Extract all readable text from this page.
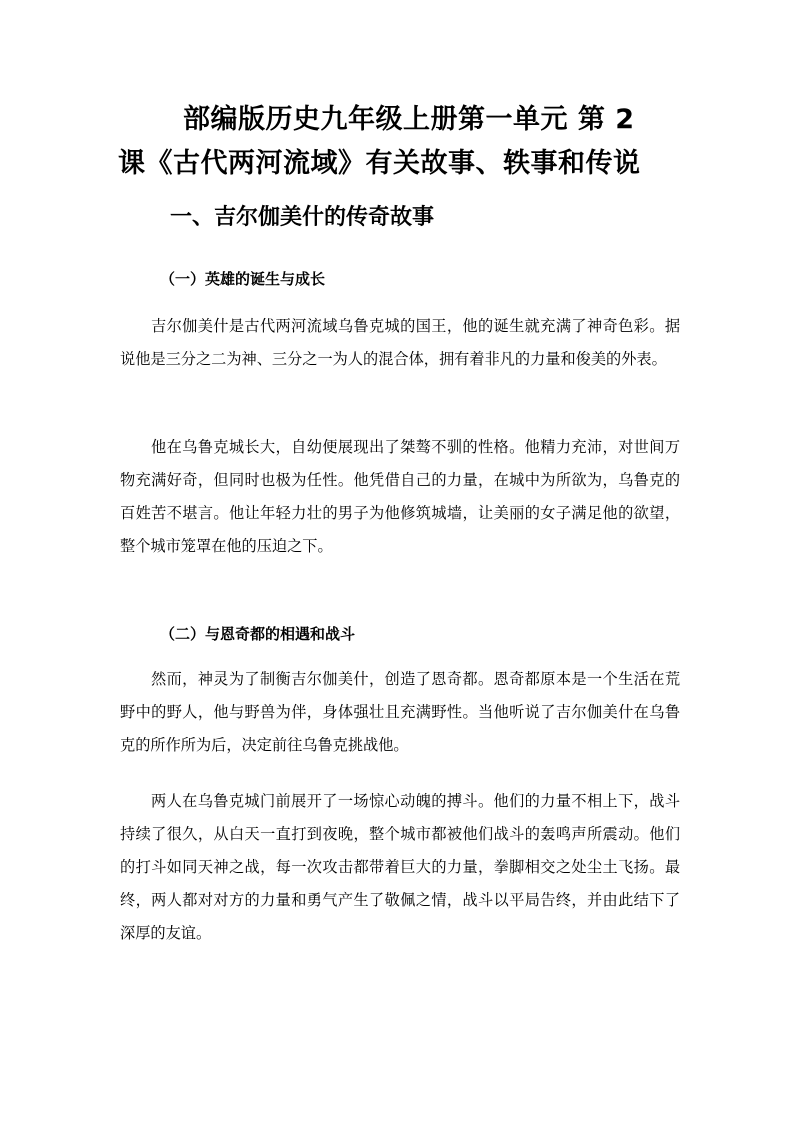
部编版历史九年级上册第一单元 第 2
课《古代两河流域》有关故事、轶事和传说
一、吉尔伽美什的传奇故事
（一）英雄的诞生与成长

吉尔伽美什是古代两河流域乌鲁克城的国王，他的诞生就充满了神奇色彩。据说他是三分之二为神、三分之一为人的混合体，拥有着非凡的力量和俊美的外表。

他在乌鲁克城长大，自幼便展现出了桀骜不驯的性格。他精力充沛，对世间万物充满好奇，但同时也极为任性。他凭借自己的力量，在城中为所欲为，乌鲁克的百姓苦不堪言。他让年轻力壮的男子为他修筑城墙，让美丽的女子满足他的欲望，整个城市笼罩在他的压迫之下。

（二）与恩奇都的相遇和战斗

然而，神灵为了制衡吉尔伽美什，创造了恩奇都。恩奇都原本是一个生活在荒野中的野人，他与野兽为伴，身体强壮且充满野性。当他听说了吉尔伽美什在乌鲁克的所作所为后，决定前往乌鲁克挑战他。

两人在乌鲁克城门前展开了一场惊心动魄的搏斗。他们的力量不相上下，战斗持续了很久，从白天一直打到夜晚，整个城市都被他们战斗的轰鸣声所震动。他们的打斗如同天神之战，每一次攻击都带着巨大的力量，拳脚相交之处尘土飞扬。最终，两人都对对方的力量和勇气产生了敬佩之情，战斗以平局告终，并由此结下了深厚的友谊。
